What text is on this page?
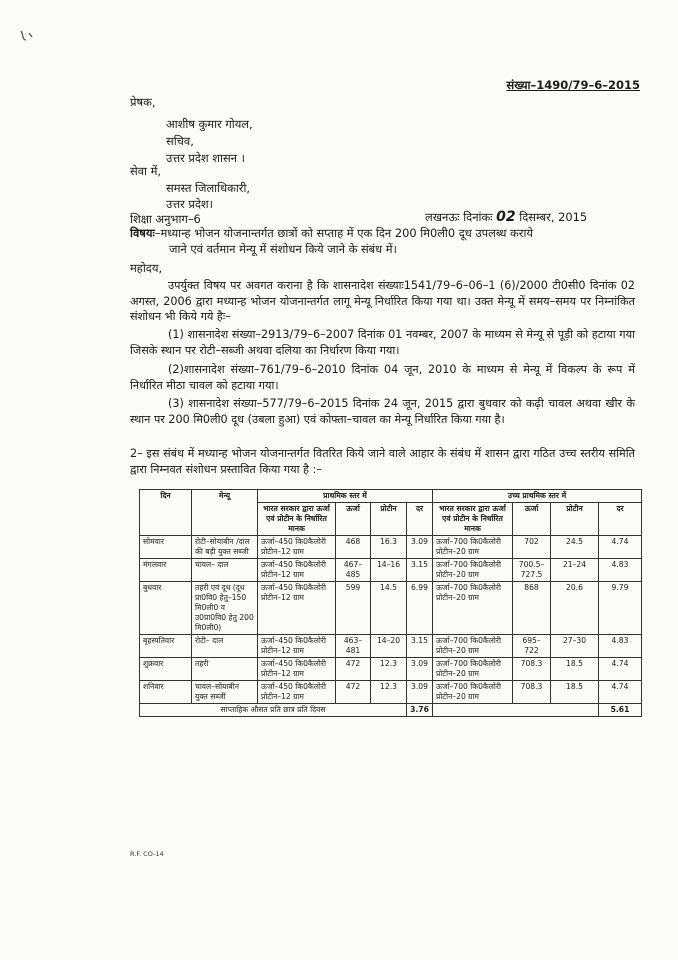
संख्या–1490/79–6–2015
प्रेषक,
आशीष कुमार गोयल,
सचिव,
उत्तर प्रदेश शासन ।
सेवा में,
समस्त जिलाधिकारी,
उत्तर प्रदेश।
शिक्षा अनुभाग–6	लखनऊः दिनांकः 02 दिसम्बर, 2015
विषयः–मध्यान्ह भोजन योजनान्तर्गत छात्रों को सप्ताह में एक दिन 200 मि0ली0 दूध उपलब्ध कराये
जाने एवं वर्तमान मेन्यू में संशोधन किये जाने के संबंध में।
महोदय,
उपर्युक्त विषय पर अवगत कराना है कि शासनादेश संख्याः1541/79–6–06–1 (6)/2000 टी0सी0 दिनांक 02 अगस्त, 2006 द्वारा मध्यान्ह भोजन योजनान्तर्गत लागू मेन्यू निर्धारित किया गया था। उक्त मेन्यू में समय–समय पर निम्नांकित संशोधन भी किये गये हैः–
(1) शासनादेश संख्या–2913/79–6–2007 दिनांक 01 नवम्बर, 2007 के माध्यम से मेन्यू से पूड़ी को हटाया गया जिसके स्थान पर रोटी–सब्जी अथवा दलिया का निर्धारण किया गया।
(2)शासनादेश संख्या–761/79–6–2010 दिनांक 04 जून, 2010 के माध्यम से मेन्यू में विकल्प के रूप में निर्धारित मीठा चावल को हटाया गया।
(3) शासनादेश संख्या–577/79–6–2015 दिनांक 24 जून, 2015 द्वारा बुधवार को कढ़ी चावल अथवा खीर के स्थान पर 200 मि0ली0 दूध (उबला हुआ) एवं कोफ्ता–चावल का मेन्यू निर्धारित किया गया है।
2– इस संबंध में मध्यान्ह भोजन योजनान्तर्गत वितरित किये जाने वाले आहार के संबंध में शासन द्वारा गठित उच्च स्तरीय समिति द्वारा निम्नवत संशोधन प्रस्तावित किया गया है :–
दिन	मेन्यू	प्राथमिक स्तर में				उच्च प्राथमिक स्तर में			
		भारत सरकार द्वारा ऊर्जा एवं प्रोटीन के निर्धारित मानक	ऊर्जा	प्रोटीन	दर	भारत सरकार द्वारा ऊर्जा एवं प्रोटीन के निर्धारित मानक	ऊर्जा	प्रोटीन	दर
सोमवार	रोटी–सोयाबीन /दाल की बड़ी युक्त सब्जी	ऊर्जा–450 कि0कैलोरी प्रोटीन–12 ग्राम	468	16.3	3.09	ऊर्जा–700 कि0कैलोरी प्रोटीन–20 ग्राम	702	24.5	4.74
मंगलवार	चावल– दाल	ऊर्जा–450 कि0कैलोरी प्रोटीन–12 ग्राम	467–485	14–16	3.15	ऊर्जा–700 कि0कैलोरी प्रोटीन–20 ग्राम	700.5–727.5	21–24	4.83
बुधवार	तहरी एवं दूध (दूध प्रा0वि0 हेतु–150 मि0ली0 व उ0प्रा0वि0 हेतु 200 मि0ली0)	ऊर्जा–450 कि0कैलोरी प्रोटीन–12 ग्राम	599	14.5	6.99	ऊर्जा–700 कि0कैलोरी प्रोटीन–20 ग्राम	868	20.6	9.79
बृहस्पतिवार	रोटी– दाल	ऊर्जा–450 कि0कैलोरी प्रोटीन–12 ग्राम	463–481	14–20	3.15	ऊर्जा–700 कि0कैलोरी प्रोटीन–20 ग्राम	695–722	27–30	4.83
शुक्रवार	तहरी	ऊर्जा–450 कि0कैलोरी प्रोटीन–12 ग्राम	472	12.3	3.09	ऊर्जा–700 कि0कैलोरी प्रोटीन–20 ग्राम	708.3	18.5	4.74
शनिवार	चावल–सोयाबीन युक्त सब्जी	ऊर्जा–450 कि0कैलोरी प्रोटीन–12 ग्राम	472	12.3	3.09	ऊर्जा–700 कि0कैलोरी प्रोटीन–20 ग्राम	708.3	18.5	4.74
साप्ताहिक औसत प्रति छात्र प्रति दिवस					3.76				5.61
R.F. CO-14
